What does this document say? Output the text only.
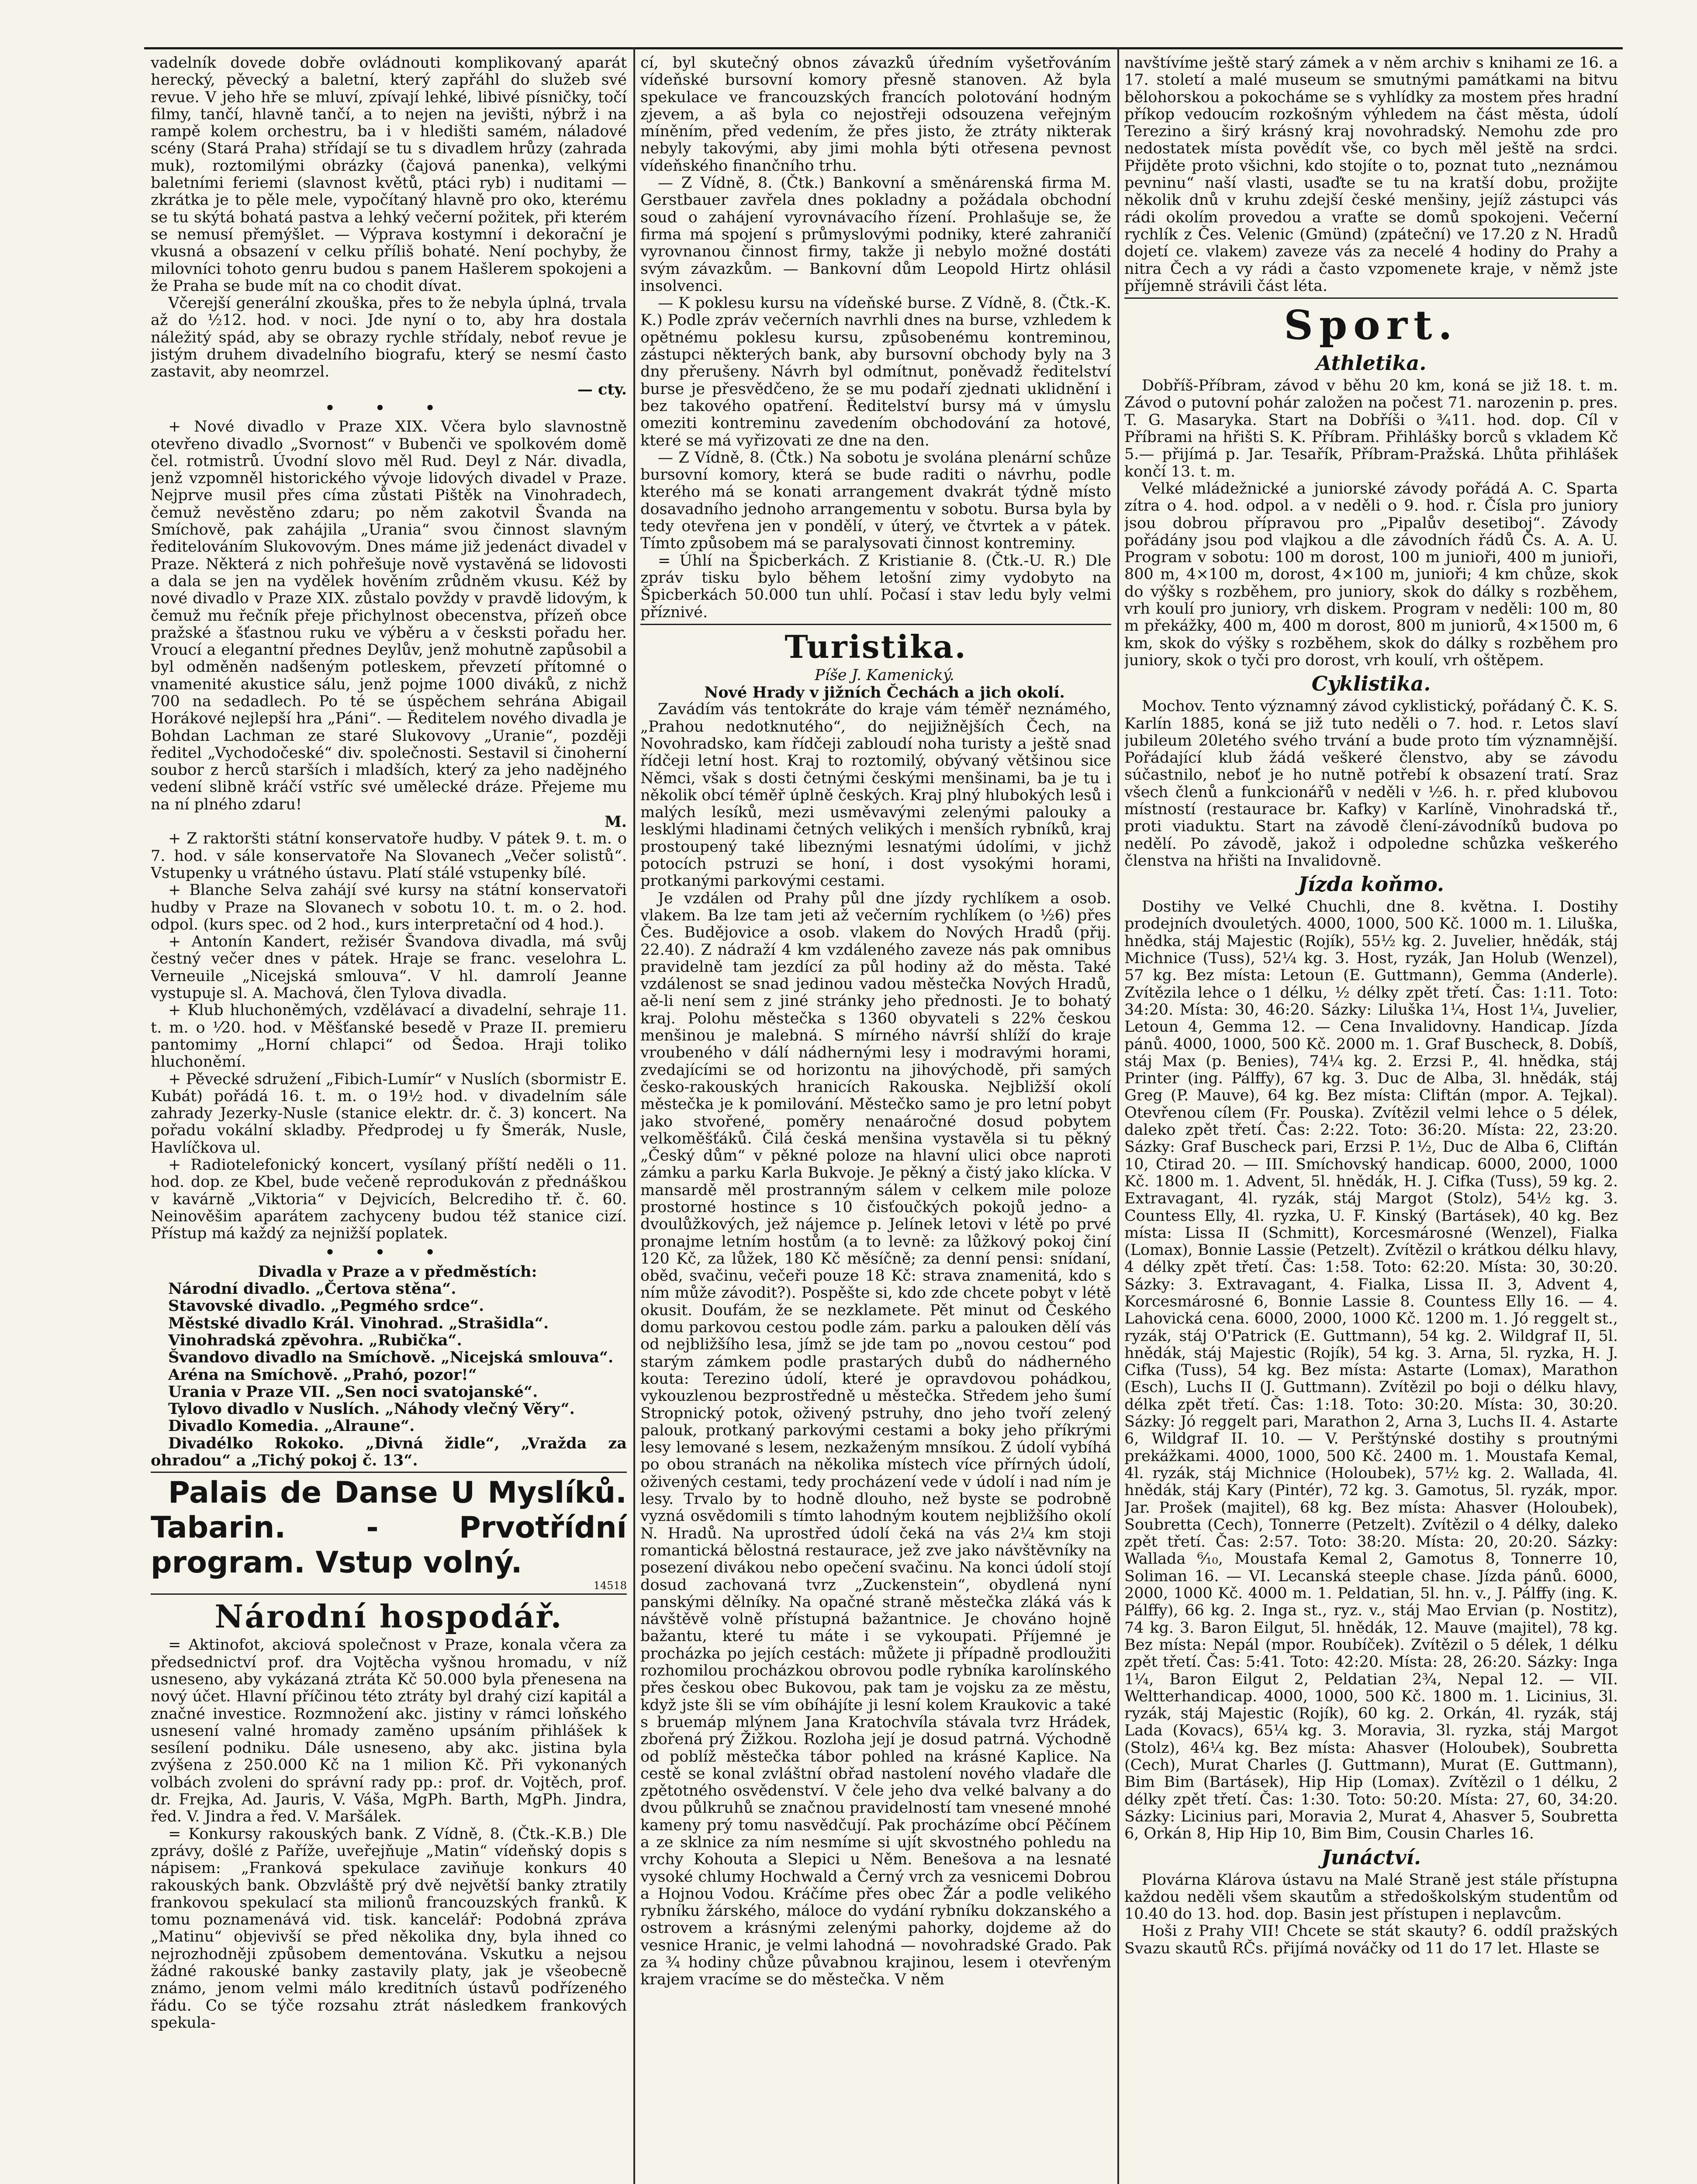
vadelník dovede dobře ovládnouti komplikovaný aparát herecký, pěvecký a baletní, který zapřáhl do služeb své revue. V jeho hře se mluví, zpívají lehké, libivé písničky, točí filmy, tančí, hlavně tančí, a to nejen na jevišti, nýbrž i na rampě kolem orchestru, ba i v hledišti samém, náladové scény (Stará Praha) střídají se tu s divadlem hrůzy (zahrada muk), roztomilými obrázky (čajová panenka), velkými baletními feriemi (slavnost květů, ptáci ryb) i nuditami — zkrátka je to pěle mele, vypočítaný hlavně pro oko, kterému se tu skýtá bohatá pastva a lehký večerní požitek, při kterém se nemusí přemýšlet. — Výprava kostymní i dekorační je vkusná a obsazení v celku příliš bohaté. Není pochyby, že milovníci tohoto genru budou s panem Hašlerem spokojeni a že Praha se bude mít na co chodit dívat.

Včerejší generální zkouška, přes to že nebyla úplná, trvala až do ½12. hod. v noci. Jde nyní o to, aby hra dostala náležitý spád, aby se obrazy rychle střídaly, neboť revue je jistým druhem divadelního biografu, který se nesmí často zastavit, aby neomrzel.

— cty.

• • •

+ Nové divadlo v Praze XIX. Včera bylo slavnostně otevřeno divadlo „Svornost“ v Bubenči ve spolkovém domě čel. rotmistrů. Úvodní slovo měl Rud. Deyl z Nár. divadla, jenž vzpomněl historického vývoje lidových divadel v Praze. Nejprve musil přes címa zůstati Pištěk na Vinohradech, čemuž nevěstěno zdaru; po něm zakotvil Švanda na Smíchově, pak zahájila „Urania“ svou činnost slavným ředitelováním Slukovovým. Dnes máme již jedenáct divadel v Praze. Některá z nich pohřešuje nově vystavěná se lidovosti a dala se jen na vydělek hověním zrůdněm vkusu. Kéž by nové divadlo v Praze XIX. zůstalo povždy v pravdě lidovým, k čemuž mu řečník přeje přichylnost obecenstva, přízeň obce pražské a šťastnou ruku ve výběru a v česksti pořadu her. Vroucí a elegantní přednes Deylův, jenž mohutně zapůsobil a byl odměněn nadšeným potleskem, převzetí přítomné o vnamenité akustice sálu, jenž pojme 1000 diváků, z nichž 700 na sedadlech. Po té se úspěchem sehrána Abigail Horákové nejlepší hra „Páni“. — Ředitelem nového divadla je Bohdan Lachman ze staré Slukovovy „Uranie“, později ředitel „Vychodočeské“ div. společnosti. Sestavil si činoherní soubor z herců starších i mladších, který za jeho nadějného vedení slibně kráčí vstříc své umělecké dráze. Přejeme mu na ní plného zdaru!

M.

+ Z raktoršti státní konservatoře hudby. V pátek 9. t. m. o 7. hod. v sále konservatoře Na Slovanech „Večer solistů“. Vstupenky u vrátného ústavu. Platí stálé vstupenky bílé.

+ Blanche Selva zahájí své kursy na státní konservatoři hudby v Praze na Slovanech v sobotu 10. t. m. o 2. hod. odpol. (kurs spec. od 2 hod., kurs interpretační od 4 hod.).

+ Antonín Kandert, režisér Švandova divadla, má svůj čestný večer dnes v pátek. Hraje se franc. veselohra L. Verneuile „Nicejská smlouva“. V hl. damrolí Jeanne vystupuje sl. A. Machová, člen Tylova divadla.

+ Klub hluchoněmých, vzdělávací a divadelní, sehraje 11. t. m. o ⅟20. hod. v Měšťanské besedě v Praze II. premieru pantomimy „Horní chlapci“ od Šedoa. Hraji toliko hluchoněmí.

+ Pěvecké sdružení „Fibich-Lumír“ v Nuslích (sbormistr E. Kubát) pořádá 16. t. m. o 19½ hod. v divadelním sále zahrady Jezerky-Nusle (stanice elektr. dr. č. 3) koncert. Na pořadu vokální skladby. Předprodej u fy Šmerák, Nusle, Havlíčkova ul.

+ Radiotelefonický koncert, vysílaný příští neděli o 11. hod. dop. ze Kbel, bude večeně reprodukován z přednáškou v kavárně „Viktoria“ v Dejvicích, Belcrediho tř. č. 60. Neinověšim aparátem zachyceny budou též stanice cizí. Přístup má každý za nejnižší poplatek.

• • •

Divadla v Praze a v předměstích:

Národní divadlo. „Čertova stěna“.

Stavovské divadlo. „Pegmého srdce“.

Městské divadlo Král. Vinohrad. „Strašidla“.

Vinohradská zpěvohra. „Rubička“.

Švandovo divadlo na Smíchově. „Nicejská smlouva“.

Aréna na Smíchově. „Prahó, pozor!“

Urania v Praze VII. „Sen noci svatojanské“.

Tylovo divadlo v Nuslích. „Náhody vlečný Věry“.

Divadlo Komedia. „Alraune“.

Divadélko Rokoko. „Divná židle“, „Vražda za ohradou“ a „Tichý pokoj č. 13“.

Palais de Danse U Myslíků. Tabarin. - Prvotřídní program. Vstup volný.

14518

Národní hospodář.

= Aktinofot, akciová společnost v Praze, konala včera za předsednictví prof. dra Vojtěcha vyšnou hromadu, v níž usneseno, aby vykázaná ztráta Kč 50.000 byla přenesena na nový účet. Hlavní příčinou této ztráty byl drahý cizí kapitál a značné investice. Rozmnožení akc. jistiny v rámci loňského usnesení valné hromady zaměno upsáním přihlášek k sesílení podniku. Dále usneseno, aby akc. jistina byla zvýšena z 250.000 Kč na 1 milion Kč. Při vykonaných volbách zvoleni do správní rady pp.: prof. dr. Vojtěch, prof. dr. Frejka, Ad. Jauris, V. Váša, MgPh. Barth, MgPh. Jindra, řed. V. Jindra a řed. V. Maršálek.

= Konkursy rakouských bank. Z Vídně, 8. (Čtk.-K.B.) Dle zprávy, došlé z Paříže, uveřejňuje „Matin“ vídeňský dopis s nápisem: „Franková spekulace zaviňuje konkurs 40 rakouských bank. Obzvláště prý dvě největší banky ztratily frankovou spekulací sta milionů francouzských franků. K tomu poznamenává vid. tisk. kancelář: Podobná zpráva „Matinu“ objevivší se před několika dny, byla ihned co nejrozhodněji způsobem dementována. Vskutku a nejsou žádné rakouské banky zastavily platy, jak je všeobecně známo, jenom velmi málo kreditních ústavů podřízeného řádu. Co se týče rozsahu ztrát následkem frankových spekula-

cí, byl skutečný obnos závazků úředním vyšetřováním vídeňské bursovní komory přesně stanoven. Až byla spekulace ve francouzských francích polotování hodným zjevem, a aš byla co nejostřeji odsouzena veřejným míněním, před vedením, že přes jisto, že ztráty nikterak nebyly takovými, aby jimi mohla býti otřesena pevnost vídeňského finančního trhu.

— Z Vídně, 8. (Čtk.) Bankovní a směnárenská firma M. Gerstbauer zavřela dnes pokladny a požádala obchodní soud o zahájení vyrovnávacího řízení. Prohlašuje se, že firma má spojení s průmyslovými podniky, které zahraničí vyrovnanou činnost firmy, takže ji nebylo možné dostáti svým závazkům. — Bankovní dům Leopold Hirtz ohlásil insolvenci.

— K poklesu kursu na vídeňské burse. Z Vídně, 8. (Čtk.-K. K.) Podle zpráv večerních navrhli dnes na burse, vzhledem k opětnému poklesu kursu, způsobenému kontreminou, zástupci některých bank, aby bursovní obchody byly na 3 dny přerušeny. Návrh byl odmítnut, poněvadž ředitelství burse je přesvědčeno, že se mu podaří zjednati uklidnění i bez takového opatření. Ředitelství bursy má v úmyslu omeziti kontreminu zavedením obchodování za hotové, které se má vyřizovati ze dne na den.

— Z Vídně, 8. (Čtk.) Na sobotu je svolána plenární schůze bursovní komory, která se bude raditi o návrhu, podle kterého má se konati arrangement dvakrát týdně místo dosavadního jednoho arrangementu v sobotu. Bursa byla by tedy otevřena jen v pondělí, v úterý, ve čtvrtek a v pátek. Tímto způsobem má se paralysovati činnost kontreminy.

= Úhlí na Špicberkách. Z Kristianie 8. (Čtk.-U. R.) Dle zpráv tisku bylo během letošní zimy vydobyto na Špicberkách 50.000 tun uhlí. Počasí i stav ledu byly velmi příznivé.

Turistika.

Píše J. Kamenický.

Nové Hrady v jižních Čechách a jich okolí.

Zavádím vás tentokráte do kraje vám téměř neznámého, „Prahou nedotknutého“, do nejjižnějších Čech, na Novohradsko, kam řídčeji zabloudí noha turisty a ještě snad řídčeji letní host. Kraj to roztomilý, obývaný většinou sice Němci, však s dosti četnými českými menšinami, ba je tu i několik obcí téměř úplně českých. Kraj plný hlubokých lesů i malých lesíků, mezi usměvavými zelenými palouky a lesklými hladinami četných velikých i menších rybníků, kraj prostoupený také libeznými lesnatými údolími, v jichž potocích pstruzi se honí, i dost vysokými horami, protkanými parkovými cestami.

Je vzdálen od Prahy půl dne jízdy rychlíkem a osob. vlakem. Ba lze tam jeti až večerním rychlíkem (o ½6) přes Čes. Budějovice a osob. vlakem do Nových Hradů (přij. 22.40). Z nádraží 4 km vzdáleného zaveze nás pak omnibus pravidelně tam jezdící za půl hodiny až do města. Také vzdálenost se snad jedinou vadou městečka Nových Hradů, aě-li není sem z jiné stránky jeho přednosti. Je to bohatý kraj. Polohu městečka s 1360 obyvateli s 22% českou menšinou je malebná. S mírného návrší shlíží do kraje vroubeného v dálí nádhernými lesy i modravými horami, zvedajícími se od horizontu na jihovýchodě, při samých česko-rakouských hranicích Rakouska. Nejbližší okolí městečka je k pomilování. Městečko samo je pro letní pobyt jako stvořené, poměry nenaáročné dosud pobytem velkoměšťáků. Čilá česká menšina vystavěla si tu pěkný „Český dům“ v pěkné poloze na hlavní ulici obce naproti zámku a parku Karla Bukvoje. Je pěkný a čistý jako klícka. V mansardě měl prostranným sálem v celkem mile poloze prostorné hostince s 10 čisťoučkých pokojů jedno- a dvoulůžkových, jež nájemce p. Jelínek letovi v létě po prvé pronajme letním hostům (a to levně: za lůžkový pokoj činí 120 Kč, za lůžek, 180 Kč měsíčně; za denní pensi: snídaní, oběd, svačinu, večeři pouze 18 Kč: strava znamenitá, kdo s ním může závodit?). Pospěšte si, kdo zde chcete pobyt v létě okusit. Doufám, že se nezklamete. Pět minut od Českého domu parkovou cestou podle zám. parku a palouken dělí vás od nejbližšího lesa, jímž se jde tam po „novou cestou“ pod starým zámkem podle prastarých dubů do nádherného kouta: Terezino údolí, které je opravdovou pohádkou, vykouzlenou bezprostředně u městečka. Středem jeho šumí Stropnický potok, oživený pstruhy, dno jeho tvoří zelený palouk, protkaný parkovými cestami a boky jeho příkrými lesy lemované s lesem, nezkaženým mnsíkou. Z údolí vybíhá po obou stranách na několika místech více přírných údolí, oživených cestami, tedy procházení vede v údolí i nad ním je lesy. Trvalo by to hodně dlouho, než byste se podrobně vyzná osvědomili s tímto lahodným koutem nejbližšího okolí N. Hradů. Na uprostřed údolí čeká na vás 2¼ km stoji romantická bělostná restaurace, jež zve jako návštěvníky na posezení divákou nebo opečení svačinu. Na konci údolí stojí dosud zachovaná tvrz „Zuckenstein“, obydlená nyní panskými dělníky. Na opačné straně městečka zláká vás k návštěvě volně přístupná bažantnice. Je chováno hojně bažantu, které tu máte i se vykoupati. Příjemné je procházka po jejích cestách: můžete ji případně prodloužiti rozhomilou procházkou obrovou podle rybníka karolínského přes českou obec Bukovou, pak tam je vojsku za ze městu, když jste šli se vím obíhájíte ji lesní kolem Kraukovic a také s bruemáp mlýnem Jana Kratochvíla stávala tvrz Hrádek, zbořená prý Žižkou. Rozloha její je dosud patrná. Východně od poblíž městečka tábor pohled na krásné Kaplice. Na cestě se konal zvláštní obřad nastolení nového vladaře dle zpětotného osvědenství. V čele jeho dva velké balvany a do dvou půlkruhů se značnou pravidelností tam vnesené mnohé kameny prý tomu nasvědčují. Pak procházíme obcí Pěčínem a ze sklnice za ním nesmíme si ujít skvostného pohledu na vrchy Kohouta a Slepici u Něm. Benešova a na lesnaté vysoké chlumy Hochwald a Černý vrch za vesnicemi Dobrou a Hojnou Vodou. Kráčíme přes obec Žár a podle velikého rybníku žárského, máloce do vydání rybníku dokzanského a ostrovem a krásnými zelenými pahorky, dojdeme až do vesnice Hranic, je velmi lahodná — novohradské Grado. Pak za ¾ hodiny chůze půvabnou krajinou, lesem i otevřeným krajem vracíme se do městečka. V něm

navštívíme ještě starý zámek a v něm archiv s knihami ze 16. a 17. století a malé museum se smutnými památkami na bitvu bělohorskou a pokocháme se s vyhlídky za mostem přes hradní příkop vedoucím rozkošným výhledem na část města, údolí Terezino a širý krásný kraj novohradský. Nemohu zde pro nedostatek místa povědít vše, co bych měl ještě na srdci. Přijděte proto všichni, kdo stojíte o to, poznat tuto „neznámou pevninu“ naší vlasti, usaďte se tu na kratší dobu, prožijte několik dnů v kruhu zdejší české menšiny, jejíž zástupci vás rádi okolím provedou a vraťte se domů spokojeni. Večerní rychlík z Čes. Velenic (Gmünd) (zpáteční) ve 17.20 z N. Hradů dojetí ce. vlakem) zaveze vás za necelé 4 hodiny do Prahy a nitra Čech a vy rádi a často vzpomenete kraje, v němž jste příjemně strávili část léta.

Sport.
Athletika.

Dobříš-Příbram, závod v běhu 20 km, koná se již 18. t. m. Závod o putovní pohár založen na počest 71. narozenin p. pres. T. G. Masaryka. Start na Dobříši o ¾11. hod. dop. Cíl v Příbrami na hřišti S. K. Příbram. Přihlášky borců s vkladem Kč 5.— přijímá p. Jar. Tesařík, Příbram-Pražská. Lhůta přihlášek končí 13. t. m.

Velké mládežnické a juniorské závody pořádá A. C. Sparta zítra o 4. hod. odpol. a v neděli o 9. hod. r. Čísla pro juniory jsou dobrou přípravou pro „Pipalův desetiboj“. Závody pořádány jsou pod vlajkou a dle závodních řádů Čs. A. A. U. Program v sobotu: 100 m dorost, 100 m junioři, 400 m junioři, 800 m, 4×100 m, dorost, 4×100 m, junioři; 4 km chůze, skok do výšky s rozběhem, pro juniory, skok do dálky s rozběhem, vrh koulí pro juniory, vrh diskem. Program v neděli: 100 m, 80 m překážky, 400 m, 400 m dorost, 800 m juniorů, 4×1500 m, 6 km, skok do výšky s rozběhem, skok do dálky s rozběhem pro juniory, skok o tyči pro dorost, vrh koulí, vrh oštěpem.

Cyklistika.

Mochov. Tento významný závod cyklistický, pořádaný Č. K. S. Karlín 1885, koná se již tuto neděli o 7. hod. r. Letos slaví jubileum 20letého svého trvání a bude proto tím významnější. Pořádající klub žádá veškeré členstvo, aby se závodu súčastnilo, neboť je ho nutně potřebí k obsazení tratí. Sraz všech členů a funkcionářů v neděli v ½6. h. r. před klubovou místností (restaurace br. Kafky) v Karlíně, Vinohradská tř., proti viaduktu. Start na závodě člení-závodníků budova po nedělí. Po závodě, jakož i odpoledne schůzka veškerého členstva na hřišti na Invalidovně.

Jízda koňmo.

Dostihy ve Velké Chuchli, dne 8. května. I. Dostihy prodejních dvouletých. 4000, 1000, 500 Kč. 1000 m. 1. Liluška, hnědka, stáj Majestic (Rojík), 55½ kg. 2. Juvelier, hnědák, stáj Michnice (Tuss), 52¼ kg. 3. Host, ryzák, Jan Holub (Wenzel), 57 kg. Bez místa: Letoun (E. Guttmann), Gemma (Anderle). Zvítězila lehce o 1 délku, ½ délky zpět třetí. Čas: 1:11. Toto: 34:20. Místa: 30, 46:20. Sázky: Liluška 1¼, Host 1¼, Juvelier, Letoun 4, Gemma 12. — Cena Invalidovny. Handicap. Jízda pánů. 4000, 1000, 500 Kč. 2000 m. 1. Graf Buscheck, 8. Dobíš, stáj Max (p. Benies), 74¼ kg. 2. Erzsi P., 4l. hnědka, stáj Printer (ing. Pálffy), 67 kg. 3. Duc de Alba, 3l. hnědák, stáj Greg (P. Mauve), 64 kg. Bez místa: Cliftán (mpor. A. Tejkal). Otevřenou cílem (Fr. Pouska). Zvítězil velmi lehce o 5 délek, daleko zpět třetí. Čas: 2:22. Toto: 36:20. Místa: 22, 23:20. Sázky: Graf Buscheck pari, Erzsi P. 1½, Duc de Alba 6, Cliftán 10, Ctirad 20. — III. Smíchovský handicap. 6000, 2000, 1000 Kč. 1800 m. 1. Advent, 5l. hnědák, H. J. Cifka (Tuss), 59 kg. 2. Extravagant, 4l. ryzák, stáj Margot (Stolz), 54½ kg. 3. Countess Elly, 4l. ryzka, U. F. Kinský (Bartásek), 40 kg. Bez místa: Lissa II (Schmitt), Korcesmárosné (Wenzel), Fialka (Lomax), Bonnie Lassie (Petzelt). Zvítězil o krátkou délku hlavy, 4 délky zpět třetí. Čas: 1:58. Toto: 62:20. Místa: 30, 30:20. Sázky: 3. Extravagant, 4. Fialka, Lissa II. 3, Advent 4, Korcesmárosné 6, Bonnie Lassie 8. Countess Elly 16. — 4. Lahovická cena. 6000, 2000, 1000 Kč. 1200 m. 1. Jó reggelt st., ryzák, stáj O'Patrick (E. Guttmann), 54 kg. 2. Wildgraf II, 5l. hnědák, stáj Majestic (Rojík), 54 kg. 3. Arna, 5l. ryzka, H. J. Cifka (Tuss), 54 kg. Bez místa: Astarte (Lomax), Marathon (Esch), Luchs II (J. Guttmann). Zvítězil po boji o délku hlavy, délka zpět třetí. Čas: 1:18. Toto: 30:20. Místa: 30, 30:20. Sázky: Jó reggelt pari, Marathon 2, Arna 3, Luchs II. 4. Astarte 6, Wildgraf II. 10. — V. Perštýnské dostihy s proutnými prekážkami. 4000, 1000, 500 Kč. 2400 m. 1. Moustafa Kemal, 4l. ryzák, stáj Michnice (Holoubek), 57½ kg. 2. Wallada, 4l. hnědák, stáj Kary (Pintér), 72 kg. 3. Gamotus, 5l. ryzák, mpor. Jar. Prošek (majitel), 68 kg. Bez místa: Ahasver (Holoubek), Soubretta (Cech), Tonnerre (Petzelt). Zvítězil o 4 délky, daleko zpět třetí. Čas: 2:57. Toto: 38:20. Místa: 20, 20:20. Sázky: Wallada ⁶⁄₁₀, Moustafa Kemal 2, Gamotus 8, Tonnerre 10, Soliman 16. — VI. Lecanská steeple chase. Jízda pánů. 6000, 2000, 1000 Kč. 4000 m. 1. Peldatian, 5l. hn. v., J. Pálffy (ing. K. Pálffy), 66 kg. 2. Inga st., ryz. v., stáj Mao Ervian (p. Nostitz), 74 kg. 3. Baron Eilgut, 5l. hnědák, 12. Mauve (majitel), 78 kg. Bez místa: Nepál (mpor. Roubíček). Zvítězil o 5 délek, 1 délku zpět třetí. Čas: 5:41. Toto: 42:20. Místa: 28, 26:20. Sázky: Inga 1¼, Baron Eilgut 2, Peldatian 2¾, Nepal 12. — VII. Weltterhandicap. 4000, 1000, 500 Kč. 1800 m. 1. Licinius, 3l. ryzák, stáj Majestic (Rojík), 60 kg. 2. Orkán, 4l. ryzák, stáj Lada (Kovacs), 65¼ kg. 3. Moravia, 3l. ryzka, stáj Margot (Stolz), 46¼ kg. Bez místa: Ahasver (Holoubek), Soubretta (Cech), Murat Charles (J. Guttmann), Murat (E. Guttmann), Bim Bim (Bartásek), Hip Hip (Lomax). Zvítězil o 1 délku, 2 délky zpět třetí. Čas: 1:30. Toto: 50:20. Místa: 27, 60, 34:20. Sázky: Licinius pari, Moravia 2, Murat 4, Ahasver 5, Soubretta 6, Orkán 8, Hip Hip 10, Bim Bim, Cousin Charles 16.

Junáctví.

Plovárna Klárova ústavu na Malé Straně jest stále přístupna každou neděli všem skautům a středoškolským studentům od 10.40 do 13. hod. dop. Basin jest přístupen i neplavcům.

Hoši z Prahy VII! Chcete se stát skauty? 6. oddíl pražských Svazu skautů RČs. přijímá nováčky od 11 do 17 let. Hlaste se
